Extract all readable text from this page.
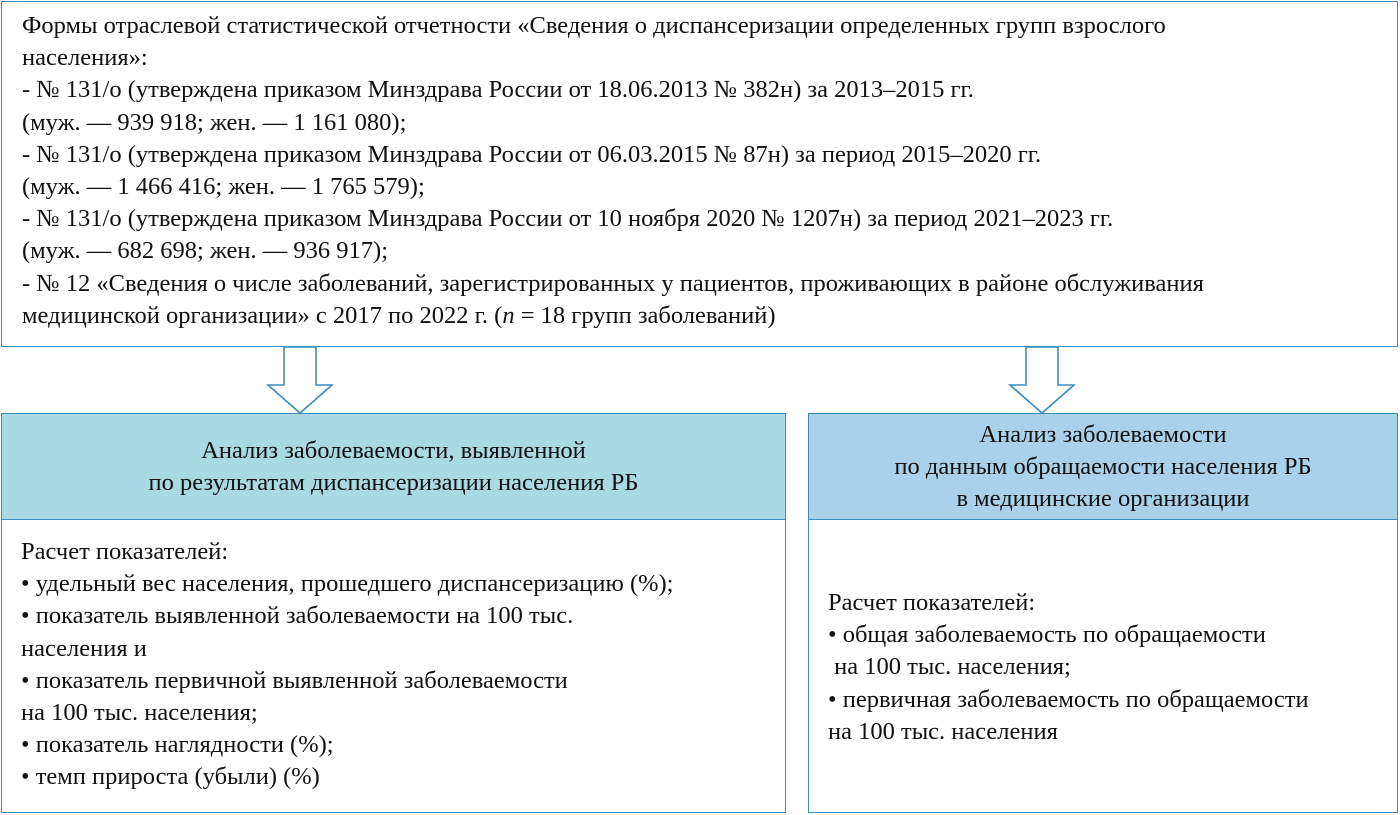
Формы отраслевой статистической отчетности «Сведения о диспансеризации определенных групп взрослого
населения»:
- № 131/о (утверждена приказом Минздрава России от 18.06.2013 № 382н) за 2013–2015 гг.
(муж. — 939 918; жен. — 1 161 080);
- № 131/о (утверждена приказом Минздрава России от 06.03.2015 № 87н) за период 2015–2020 гг.
(муж. — 1 466 416; жен. — 1 765 579);
- № 131/о (утверждена приказом Минздрава России от 10 ноября 2020 № 1207н) за период 2021–2023 гг.
(муж. — 682 698; жен. — 936 917);
- № 12 «Сведения о числе заболеваний, зарегистрированных у пациентов, проживающих в районе обслуживания
медицинской организации» с 2017 по 2022 г. (n = 18 групп заболеваний)
Анализ заболеваемости, выявленной
по результатам диспансеризации населения РБ
Расчет показателей:
• удельный вес населения, прошедшего диспансеризацию (%);
• показатель выявленной заболеваемости на 100 тыс.
населения и
• показатель первичной выявленной заболеваемости
на 100 тыс. населения;
• показатель наглядности (%);
• темп прироста (убыли) (%)
Анализ заболеваемости
по данным обращаемости населения РБ
в медицинские организации
Расчет показателей:
• общая заболеваемость по обращаемости
на 100 тыс. населения;
• первичная заболеваемость по обращаемости
на 100 тыс. населения
